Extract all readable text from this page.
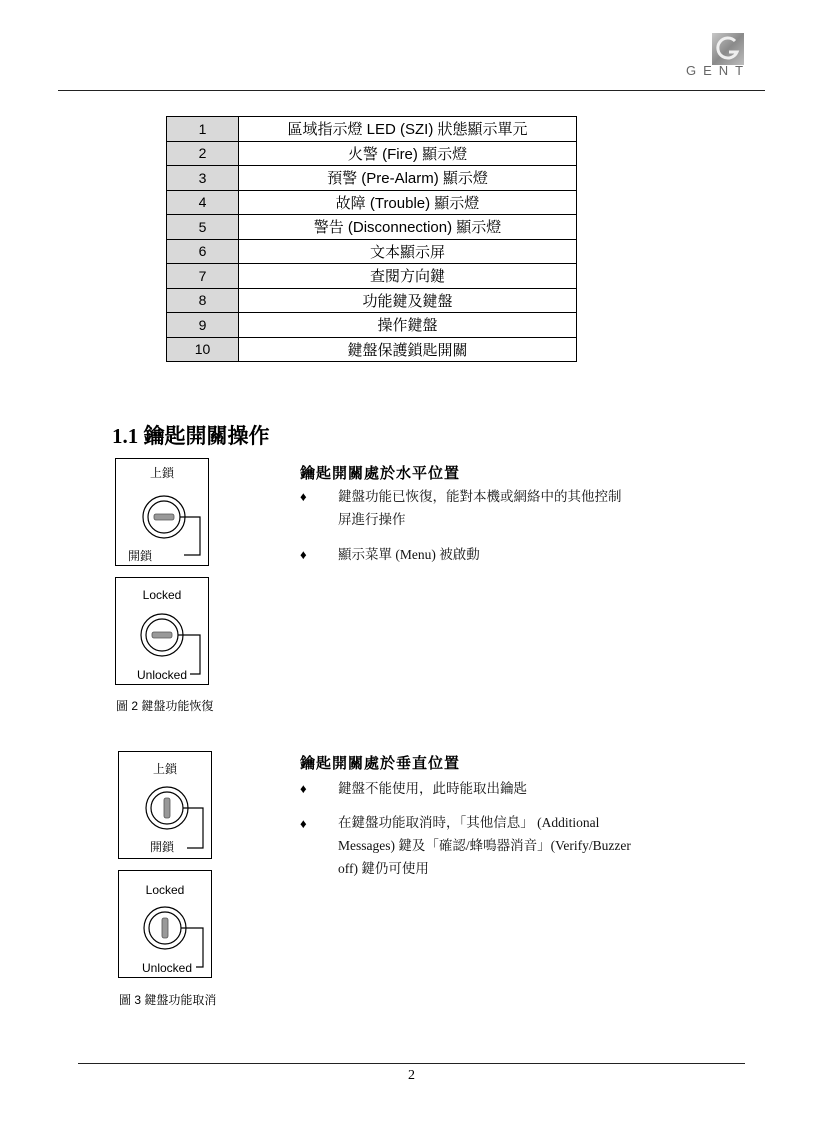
GENT
1	區域指示燈 LED (SZI) 狀態顯示單元
2	火警 (Fire) 顯示燈
3	預警 (Pre-Alarm) 顯示燈
4	故障 (Trouble) 顯示燈
5	警告 (Disconnection) 顯示燈
6	文本顯示屏
7	查閱方向鍵
8	功能鍵及鍵盤
9	操作鍵盤
10	鍵盤保護鎖匙開關
1.1 鑰匙開關操作
上鎖
開鎖
Locked
Unlocked
圖 2 鍵盤功能恢復
鑰匙開關處於水平位置
♦ 鍵盤功能已恢復，能對本機或網絡中的其他控制
屏進行操作
♦ 顯示菜單 (Menu) 被啟動
上鎖
開鎖
Locked
Unlocked
圖 3 鍵盤功能取消
鑰匙開關處於垂直位置
♦ 鍵盤不能使用，此時能取出鑰匙
♦ 在鍵盤功能取消時，「其他信息」 (Additional
Messages) 鍵及「確認/蜂鳴器消音」(Verify/Buzzer
off) 鍵仍可使用
2
